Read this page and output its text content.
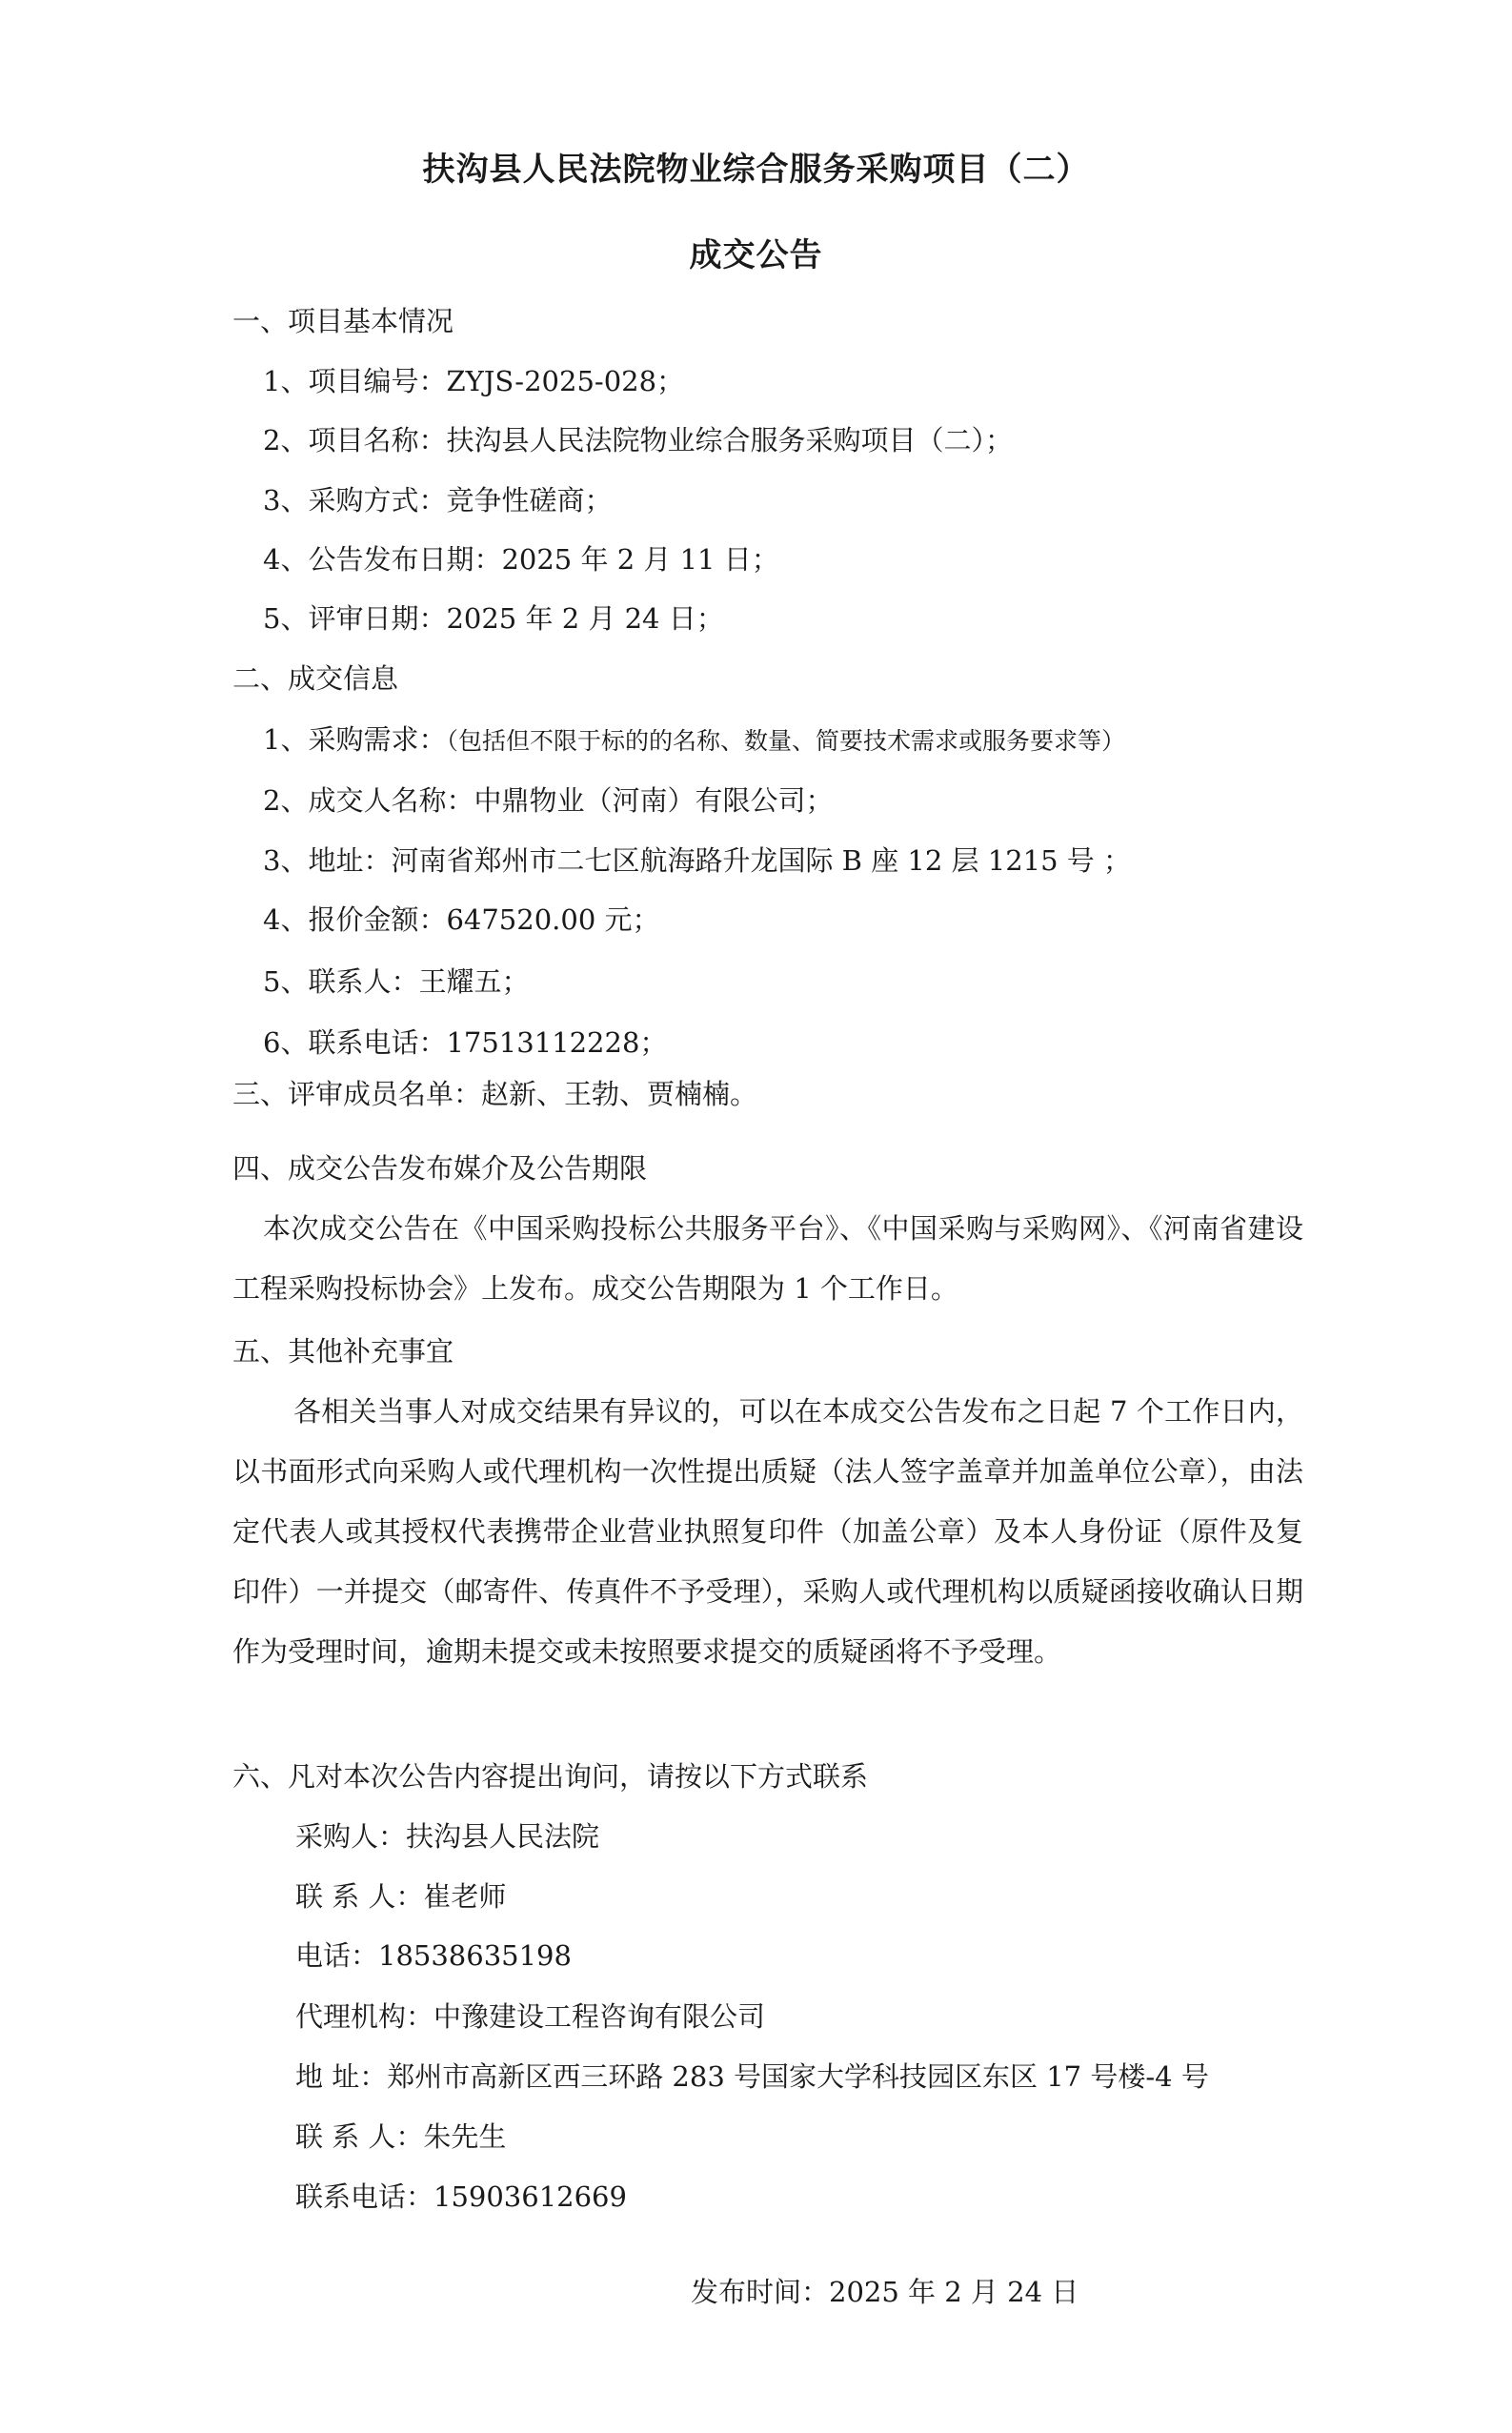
扶沟县人民法院物业综合服务采购项目（二）
成交公告
一、项目基本情况
1、项目编号：ZYJS-2025-028；
2、项目名称：扶沟县人民法院物业综合服务采购项目（二）；
3、采购方式：竞争性磋商；
4、公告发布日期：2025 年 2 月 11 日；
5、评审日期：2025 年 2 月 24 日；
二、成交信息
1、采购需求：（包括但不限于标的的名称、数量、简要技术需求或服务要求等）
2、成交人名称：中鼎物业（河南）有限公司；
3、地址：河南省郑州市二七区航海路升龙国际 B 座 12 层 1215 号 ；
4、报价金额：647520.00 元；
5、联系人：王耀五；
6、联系电话：17513112228；
三、评审成员名单：赵新、王勃、贾楠楠。
四、成交公告发布媒介及公告期限

本次成交公告在《中国采购投标公共服务平台》、《中国采购与采购网》、《河南省建设工程采购投标协会》上发布。成交公告期限为 1 个工作日。

五、其他补充事宜

各相关当事人对成交结果有异议的，可以在本成交公告发布之日起 7 个工作日内，以书面形式向采购人或代理机构一次性提出质疑（法人签字盖章并加盖单位公章），由法定代表人或其授权代表携带企业营业执照复印件（加盖公章）及本人身份证（原件及复印件）一并提交（邮寄件、传真件不予受理），采购人或代理机构以质疑函接收确认日期作为受理时间，逾期未提交或未按照要求提交的质疑函将不予受理。

六、凡对本次公告内容提出询问，请按以下方式联系
采购人：扶沟县人民法院
联 系 人：崔老师
电话：18538635198
代理机构：中豫建设工程咨询有限公司
地 址：郑州市高新区西三环路 283 号国家大学科技园区东区 17 号楼-4 号
联 系 人：朱先生
联系电话：15903612669
发布时间：2025 年 2 月 24 日
